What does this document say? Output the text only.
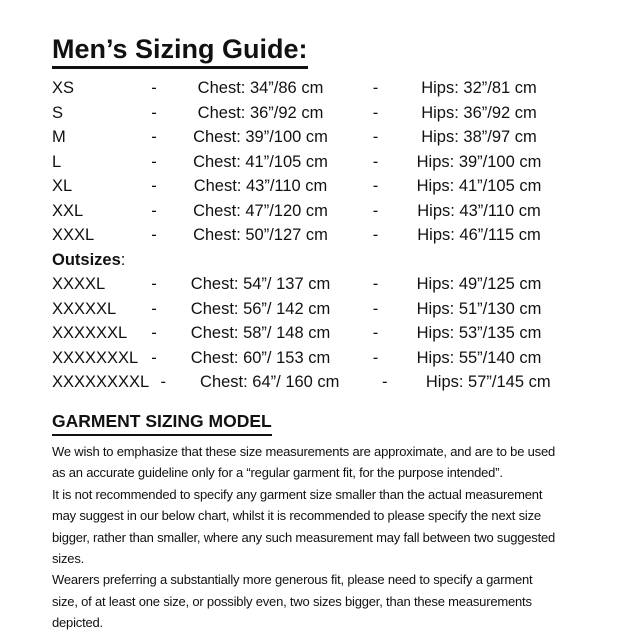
Men’s Sizing Guide:
XS	-	Chest: 34”/86 cm	-	Hips: 32”/81 cm
S	-	Chest: 36”/92 cm	-	Hips: 36”/92 cm
M	-	Chest: 39”/100 cm	-	Hips: 38”/97 cm
L	-	Chest: 41”/105 cm	-	Hips: 39”/100 cm
XL	-	Chest: 43”/110 cm	-	Hips: 41”/105 cm
XXL	-	Chest: 47”/120 cm	-	Hips: 43”/110 cm
XXXL	-	Chest: 50”/127 cm	-	Hips: 46”/115 cm
Outsizes :
XXXXL	-	Chest: 54”/ 137 cm	-	Hips: 49”/125 cm
XXXXXL	-	Chest: 56”/ 142 cm	-	Hips: 51”/130 cm
XXXXXXL	-	Chest: 58”/ 148 cm	-	Hips: 53”/135 cm
XXXXXXXL -	Chest: 60”/ 153 cm	-	Hips: 55”/140 cm
XXXXXXXXL -	Chest: 64”/ 160 cm	-	Hips: 57”/145 cm
GARMENT SIZING MODEL
We wish to emphasize that these size measurements are approximate, and are to be used
as an accurate guideline only for a “regular garment fit, for the purpose intended”.
It is not recommended to specify any garment size smaller than the actual measurement
may suggest in our below chart, whilst it is recommended to please specify the next size
bigger, rather than smaller, where any such measurement may fall between two suggested
sizes.
Wearers preferring a substantially more generous fit, please need to specify a garment
size, of at least one size, or possibly even, two sizes bigger, than these measurements
depicted.
